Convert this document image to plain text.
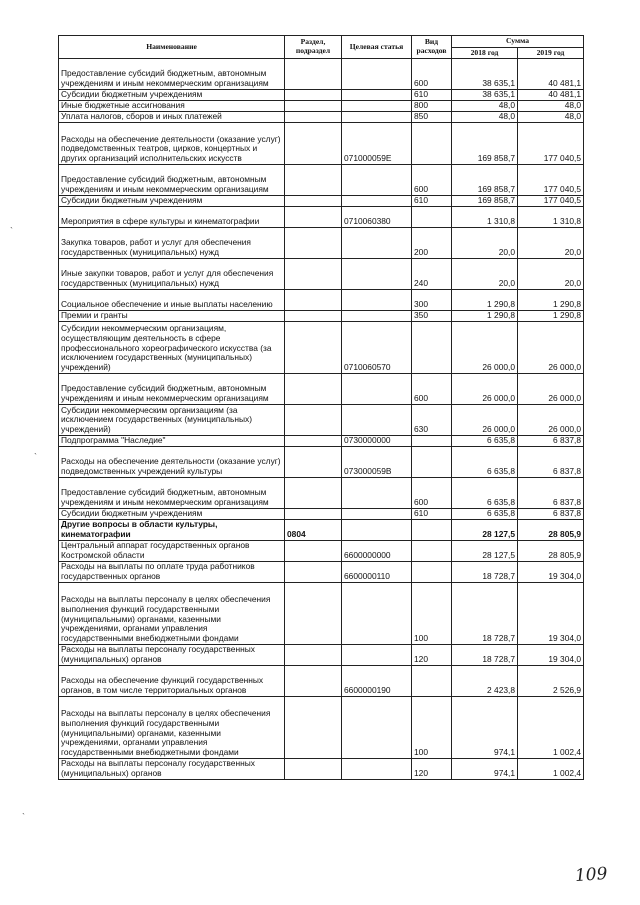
Наименование	Раздел, подраздел	Целевая статья	Вид расходов	Сумма	
				2018 год	2019 год
Предоставление субсидий бюджетным, автономным учреждениям и иным некоммерческим организациям			600	38 635,1	40 481,1
Субсидии бюджетным учреждениям			610	38 635,1	40 481,1
Иные бюджетные ассигнования			800	48,0	48,0
Уплата налогов, сборов и иных платежей			850	48,0	48,0
Расходы на обеспечение деятельности (оказание услуг) подведомственных театров, цирков, концертных и других организаций исполнительских искусств		071000059Е		169 858,7	177 040,5
Предоставление субсидий бюджетным, автономным учреждениям и иным некоммерческим организациям			600	169 858,7	177 040,5
Субсидии бюджетным учреждениям			610	169 858,7	177 040,5
Мероприятия в сфере культуры и кинематографии		0710060380		1 310,8	1 310,8
Закупка товаров, работ и услуг для обеспечения государственных (муниципальных) нужд			200	20,0	20,0
Иные закупки товаров, работ и услуг для обеспечения государственных (муниципальных) нужд			240	20,0	20,0
Социальное обеспечение и иные выплаты населению			300	1 290,8	1 290,8
Премии и гранты			350	1 290,8	1 290,8
Субсидии некоммерческим организациям, осуществляющим деятельность в сфере профессионального хореографического искусства (за исключением государственных (муниципальных) учреждений)		0710060570		26 000,0	26 000,0
Предоставление субсидий бюджетным, автономным учреждениям и иным некоммерческим организациям			600	26 000,0	26 000,0
Субсидии некоммерческим организациям (за исключением государственных (муниципальных) учреждений)			630	26 000,0	26 000,0
Подпрограмма "Наследие"		0730000000		6 635,8	6 837,8
Расходы на обеспечение деятельности (оказание услуг) подведомственных учреждений культуры		073000059В		6 635,8	6 837,8
Предоставление субсидий бюджетным, автономным учреждениям и иным некоммерческим организациям			600	6 635,8	6 837,8
Субсидии бюджетным учреждениям			610	6 635,8	6 837,8
Другие вопросы в области культуры, кинематографии	0804			28 127,5	28 805,9
Центральный аппарат государственных органов Костромской области		6600000000		28 127,5	28 805,9
Расходы на выплаты по оплате труда работников государственных органов		6600000110		18 728,7	19 304,0
Расходы на выплаты персоналу в целях обеспечения выполнения функций государственными (муниципальными) органами, казенными учреждениями, органами управления государственными внебюджетными фондами			100	18 728,7	19 304,0
Расходы на выплаты персоналу государственных (муниципальных) органов			120	18 728,7	19 304,0
Расходы на обеспечение функций государственных органов, в том числе территориальных органов		6600000190		2 423,8	2 526,9
Расходы на выплаты персоналу в целях обеспечения выполнения функций государственными (муниципальными) органами, казенными учреждениями, органами управления государственными внебюджетными фондами			100	974,1	1 002,4
Расходы на выплаты персоналу государственных (муниципальных) органов			120	974,1	1 002,4
`
`
`
109
